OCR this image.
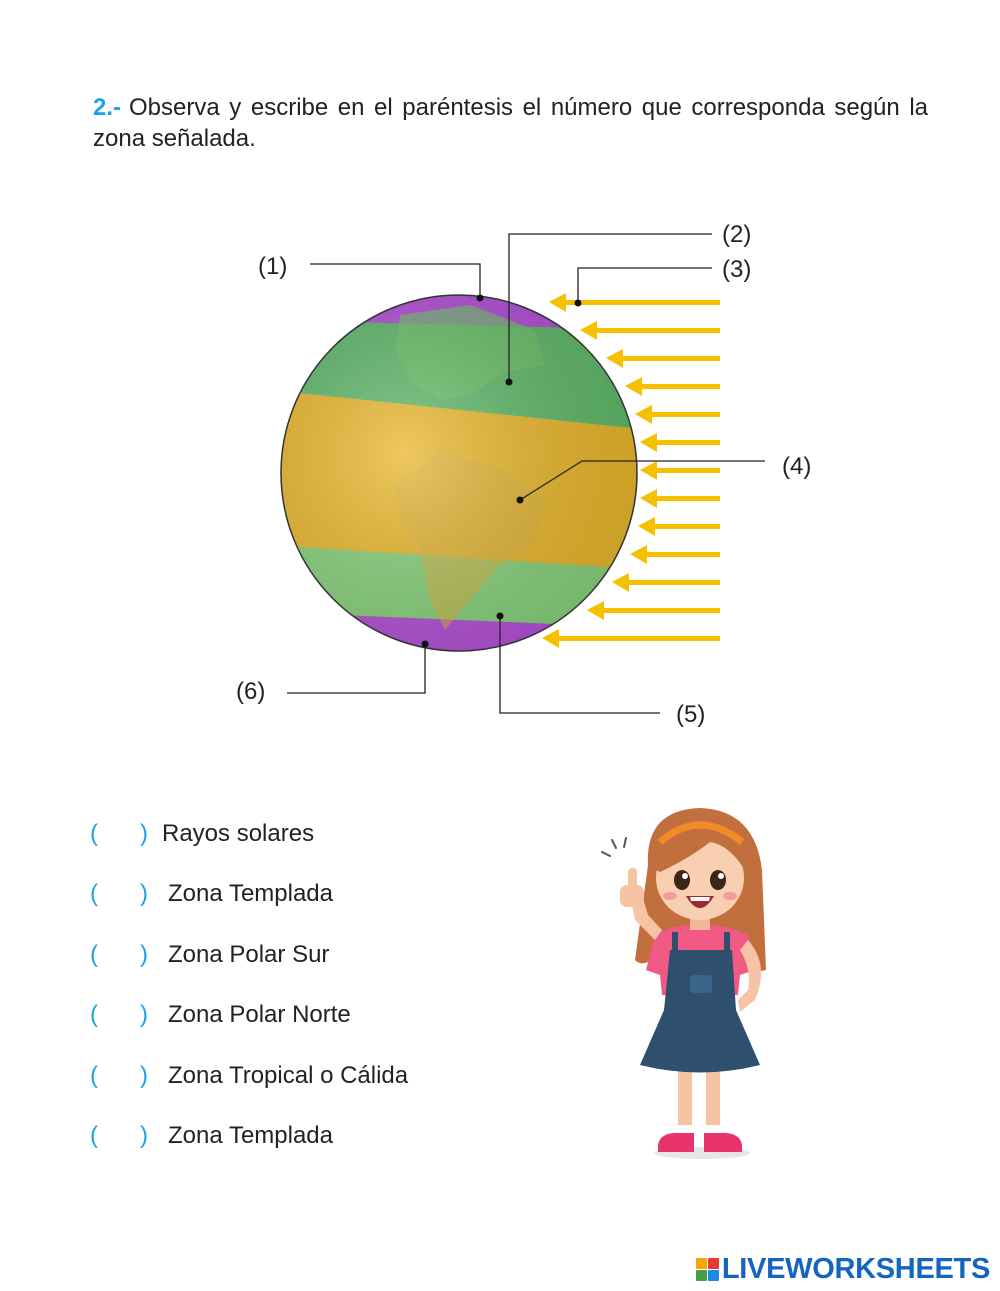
2.- Observa y escribe en el paréntesis el número que corresponda según la zona señalada.
(1)
(2)
(3)
(4)
(5)
(6)
( ) Rayos solares
( ) Zona Templada
( ) Zona Polar Sur
( ) Zona Polar Norte
( ) Zona Tropical o Cálida
( ) Zona Templada
LIVEWORKSHEETS
